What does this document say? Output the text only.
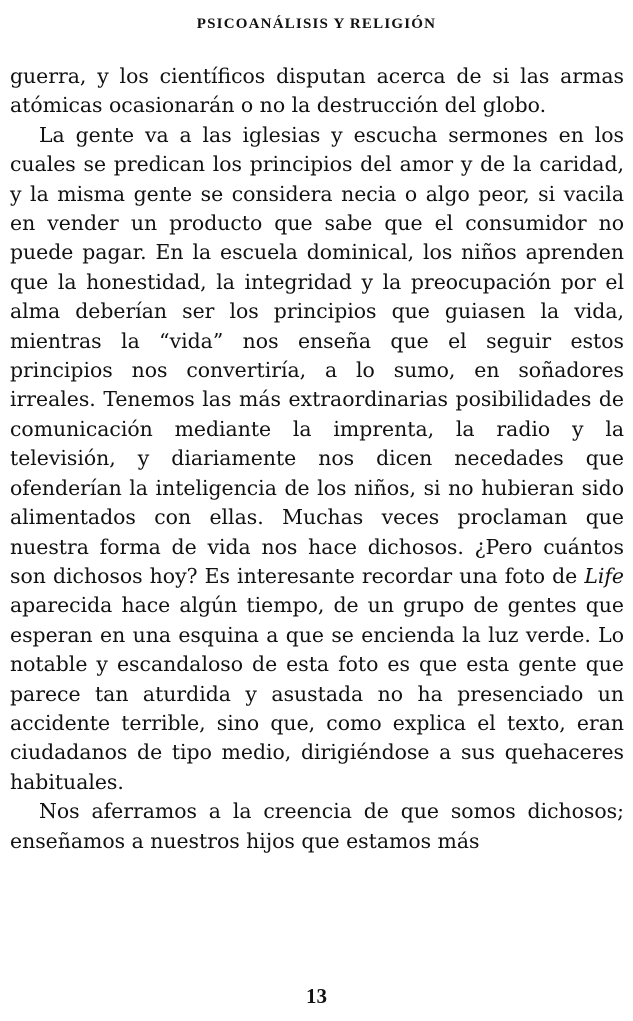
PSICOANÁLISIS Y RELIGIÓN

guerra, y los científicos disputan acerca de si las armas atómicas ocasionarán o no la destrucción del globo.

La gente va a las iglesias y escucha sermones en los cuales se predican los principios del amor y de la caridad, y la misma gente se considera necia o algo peor, si vacila en vender un producto que sabe que el consumidor no puede pagar. En la escuela dominical, los niños aprenden que la honestidad, la integridad y la preocupación por el alma deberían ser los principios que guiasen la vida, mientras la “vida” nos enseña que el seguir estos principios nos convertiría, a lo sumo, en soñadores irreales. Tenemos las más extraordinarias posibilidades de comunicación mediante la imprenta, la radio y la televisión, y diariamente nos dicen necedades que ofenderían la inteligencia de los niños, si no hubieran sido alimentados con ellas. Muchas veces proclaman que nuestra forma de vida nos hace dichosos. ¿Pero cuántos son dichosos hoy? Es interesante recordar una foto de Life aparecida hace algún tiempo, de un grupo de gentes que esperan en una esquina a que se encienda la luz verde. Lo notable y escandaloso de esta foto es que esta gente que parece tan aturdida y asustada no ha presenciado un accidente terrible, sino que, como explica el texto, eran ciudadanos de tipo medio, dirigiéndose a sus quehaceres habituales.

Nos aferramos a la creencia de que somos dichosos; enseñamos a nuestros hijos que estamos más

13
